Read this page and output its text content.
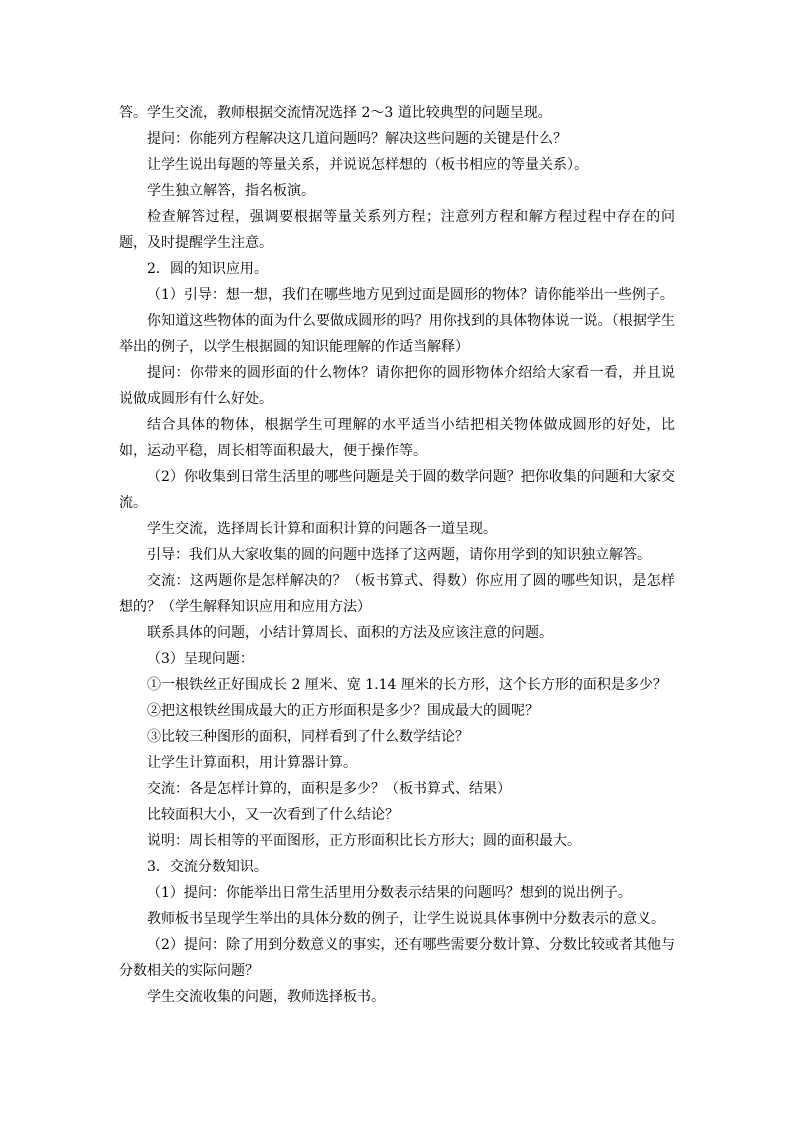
答。学生交流，教师根据交流情况选择 2～3 道比较典型的问题呈现。

提问：你能列方程解决这几道问题吗？解决这些问题的关键是什么？

让学生说出每题的等量关系，并说说怎样想的（板书相应的等量关系）。

学生独立解答，指名板演。

检查解答过程，强调要根据等量关系列方程；注意列方程和解方程过程中存在的问题，及时提醒学生注意。

2．圆的知识应用。

（1）引导：想一想，我们在哪些地方见到过面是圆形的物体？请你能举出一些例子。

你知道这些物体的面为什么要做成圆形的吗？用你找到的具体物体说一说。（根据学生举出的例子，以学生根据圆的知识能理解的作适当解释）

提问：你带来的圆形面的什么物体？请你把你的圆形物体介绍给大家看一看，并且说说做成圆形有什么好处。

结合具体的物体，根据学生可理解的水平适当小结把相关物体做成圆形的好处，比如，运动平稳，周长相等面积最大，便于操作等。

（2）你收集到日常生活里的哪些问题是关于圆的数学问题？把你收集的问题和大家交流。

学生交流，选择周长计算和面积计算的问题各一道呈现。

引导：我们从大家收集的圆的问题中选择了这两题，请你用学到的知识独立解答。

交流：这两题你是怎样解决的？（板书算式、得数）你应用了圆的哪些知识，是怎样想的？（学生解释知识应用和应用方法）

联系具体的问题，小结计算周长、面积的方法及应该注意的问题。

（3）呈现问题：

①一根铁丝正好围成长 2 厘米、宽 1.14 厘米的长方形，这个长方形的面积是多少？

②把这根铁丝围成最大的正方形面积是多少？围成最大的圆呢？

③比较三种图形的面积，同样看到了什么数学结论？

让学生计算面积，用计算器计算。

交流：各是怎样计算的，面积是多少？（板书算式、结果）

比较面积大小，又一次看到了什么结论？

说明：周长相等的平面图形，正方形面积比长方形大；圆的面积最大。

3．交流分数知识。

（1）提问：你能举出日常生活里用分数表示结果的问题吗？想到的说出例子。

教师板书呈现学生举出的具体分数的例子，让学生说说具体事例中分数表示的意义。

（2）提问：除了用到分数意义的事实，还有哪些需要分数计算、分数比较或者其他与分数相关的实际问题？

学生交流收集的问题，教师选择板书。
